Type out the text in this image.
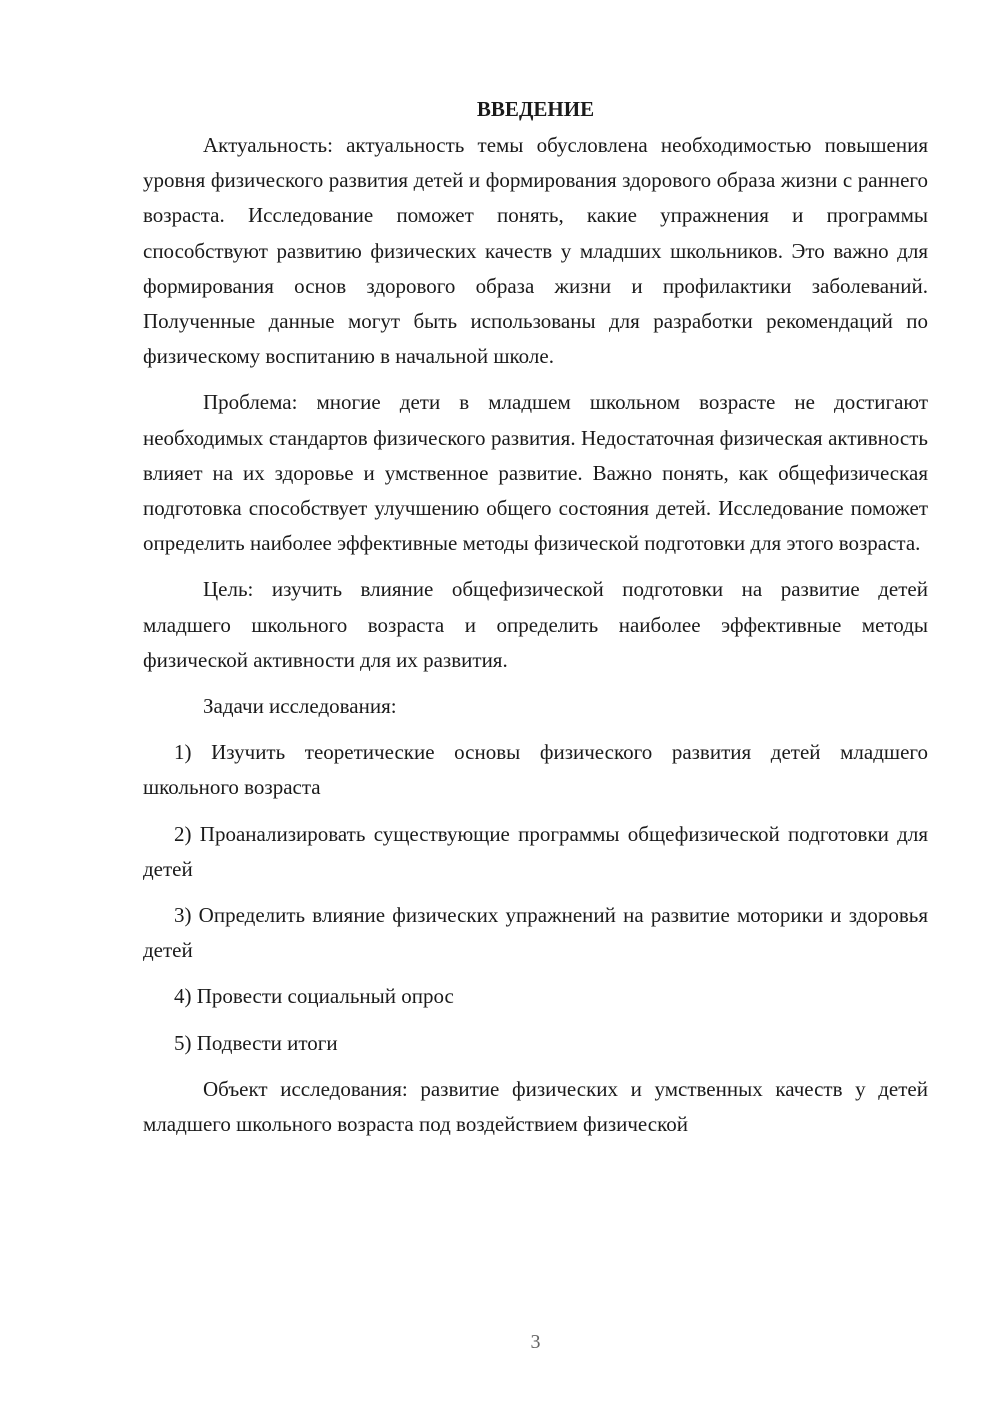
ВВЕДЕНИЕ

Актуальность: актуальность темы обусловлена необходимостью повышения уровня физического развития детей и формирования здорового образа жизни с раннего возраста. Исследование поможет понять, какие упражнения и программы способствуют развитию физических качеств у младших школьников. Это важно для формирования основ здорового образа жизни и профилактики заболеваний. Полученные данные могут быть использованы для разработки рекомендаций по физическому воспитанию в начальной школе.

Проблема: многие дети в младшем школьном возрасте не достигают необходимых стандартов физического развития. Недостаточная физическая активность влияет на их здоровье и умственное развитие. Важно понять, как общефизическая подготовка способствует улучшению общего состояния детей. Исследование поможет определить наиболее эффективные методы физической подготовки для этого возраста.

Цель: изучить влияние общефизической подготовки на развитие детей младшего школьного возраста и определить наиболее эффективные методы физической активности для их развития.

Задачи исследования:

1) Изучить теоретические основы физического развития детей младшего школьного возраста

2) Проанализировать существующие программы общефизической подготовки для детей

3) Определить влияние физических упражнений на развитие моторики и здоровья детей

4) Провести социальный опрос

5) Подвести итоги

Объект исследования: развитие физических и умственных качеств у детей младшего школьного возраста под воздействием физической

3
